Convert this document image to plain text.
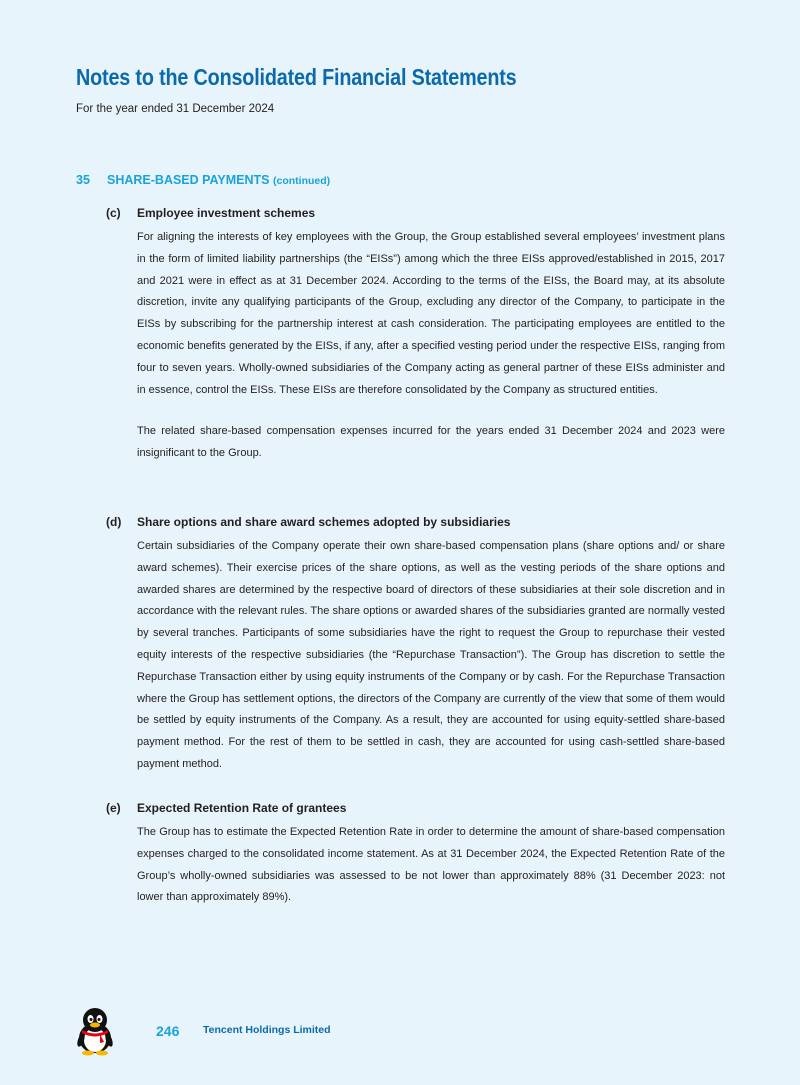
Notes to the Consolidated Financial Statements
For the year ended 31 December 2024
35 SHARE-BASED PAYMENTS (continued)
(c) Employee investment schemes
For aligning the interests of key employees with the Group, the Group established several employees’ investment plans in the form of limited liability partnerships (the “EISs”) among which the three EISs approved/established in 2015, 2017 and 2021 were in effect as at 31 December 2024. According to the terms of the EISs, the Board may, at its absolute discretion, invite any qualifying participants of the Group, excluding any director of the Company, to participate in the EISs by subscribing for the partnership interest at cash consideration. The participating employees are entitled to the economic benefits generated by the EISs, if any, after a specified vesting period under the respective EISs, ranging from four to seven years. Wholly-owned subsidiaries of the Company acting as general partner of these EISs administer and in essence, control the EISs. These EISs are therefore consolidated by the Company as structured entities.
The related share-based compensation expenses incurred for the years ended 31 December 2024 and 2023 were insignificant to the Group.
(d) Share options and share award schemes adopted by subsidiaries
Certain subsidiaries of the Company operate their own share-based compensation plans (share options and/ or share award schemes). Their exercise prices of the share options, as well as the vesting periods of the share options and awarded shares are determined by the respective board of directors of these subsidiaries at their sole discretion and in accordance with the relevant rules. The share options or awarded shares of the subsidiaries granted are normally vested by several tranches. Participants of some subsidiaries have the right to request the Group to repurchase their vested equity interests of the respective subsidiaries (the “Repurchase Transaction”). The Group has discretion to settle the Repurchase Transaction either by using equity instruments of the Company or by cash. For the Repurchase Transaction where the Group has settlement options, the directors of the Company are currently of the view that some of them would be settled by equity instruments of the Company. As a result, they are accounted for using equity-settled share-based payment method. For the rest of them to be settled in cash, they are accounted for using cash-settled share-based payment method.
(e) Expected Retention Rate of grantees
The Group has to estimate the Expected Retention Rate in order to determine the amount of share-based compensation expenses charged to the consolidated income statement. As at 31 December 2024, the Expected Retention Rate of the Group’s wholly-owned subsidiaries was assessed to be not lower than approximately 88% (31 December 2023: not lower than approximately 89%).
246 Tencent Holdings Limited
